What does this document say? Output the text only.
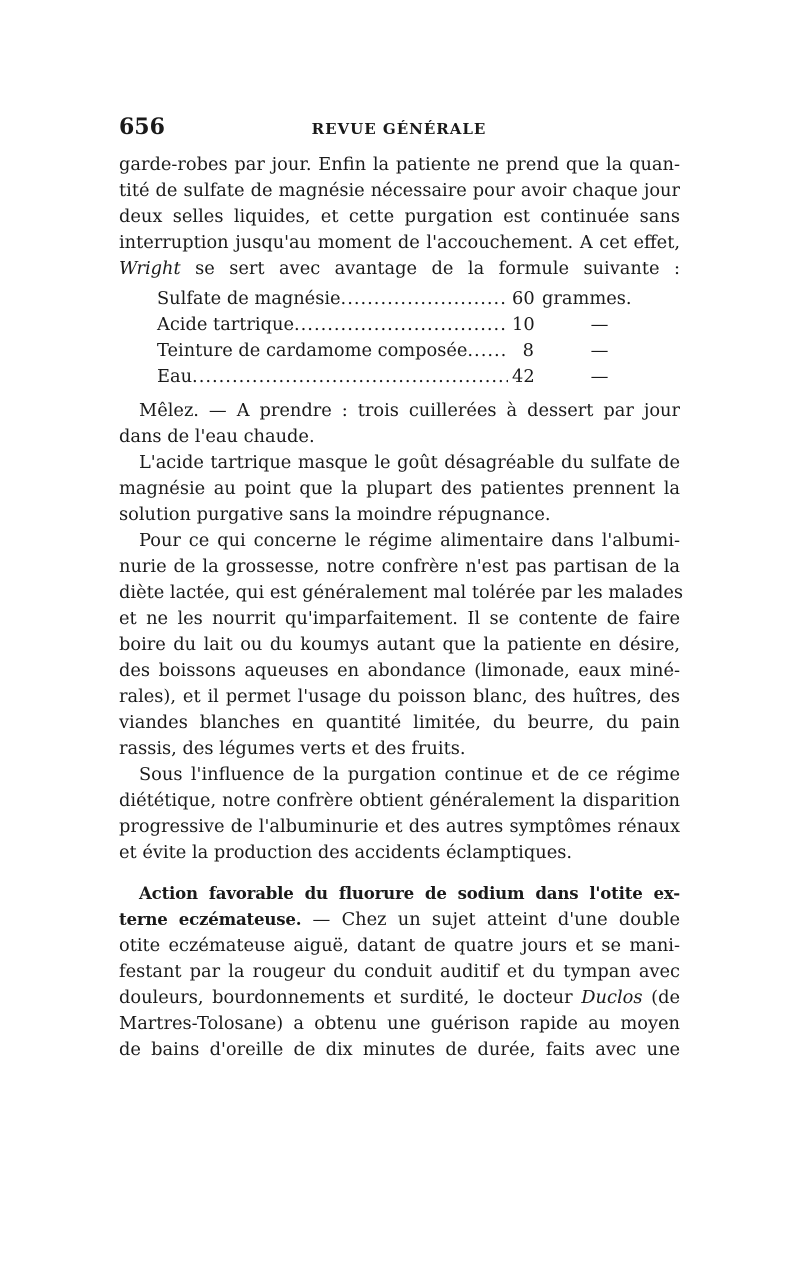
656	REVUE GÉNÉRALE
garde-robes par jour. Enfin la patiente ne prend que la quan-
tité de sulfate de magnésie nécessaire pour avoir chaque jour
deux selles liquides, et cette purgation est continuée sans
interruption jusqu'au moment de l'accouchement. A cet effet,
Wright se sert avec avantage de la formule suivante :
Sulfate de magnésie .....	60 grammes.
Acide tartrique .....	10	—
Teinture de cardamome composée .....	8	—
Eau .....	42	—
Mêlez. — A prendre : trois cuillerées à dessert par jour
dans de l'eau chaude.
L'acide tartrique masque le goût désagréable du sulfate de
magnésie au point que la plupart des patientes prennent la
solution purgative sans la moindre répugnance.
Pour ce qui concerne le régime alimentaire dans l'albumi-
nurie de la grossesse, notre confrère n'est pas partisan de la
diète lactée, qui est généralement mal tolérée par les malades
et ne les nourrit qu'imparfaitement. Il se contente de faire
boire du lait ou du koumys autant que la patiente en désire,
des boissons aqueuses en abondance (limonade, eaux miné-
rales), et il permet l'usage du poisson blanc, des huîtres, des
viandes blanches en quantité limitée, du beurre, du pain
rassis, des légumes verts et des fruits.
Sous l'influence de la purgation continue et de ce régime
diététique, notre confrère obtient généralement la disparition
progressive de l'albuminurie et des autres symptômes rénaux
et évite la production des accidents éclamptiques.
Action favorable du fluorure de sodium dans l'otite ex-
terne eczémateuse. — Chez un sujet atteint d'une double
otite eczémateuse aiguë, datant de quatre jours et se mani-
festant par la rougeur du conduit auditif et du tympan avec
douleurs, bourdonnements et surdité, le docteur Duclos (de
Martres-Tolosane) a obtenu une guérison rapide au moyen
de bains d'oreille de dix minutes de durée, faits avec une
